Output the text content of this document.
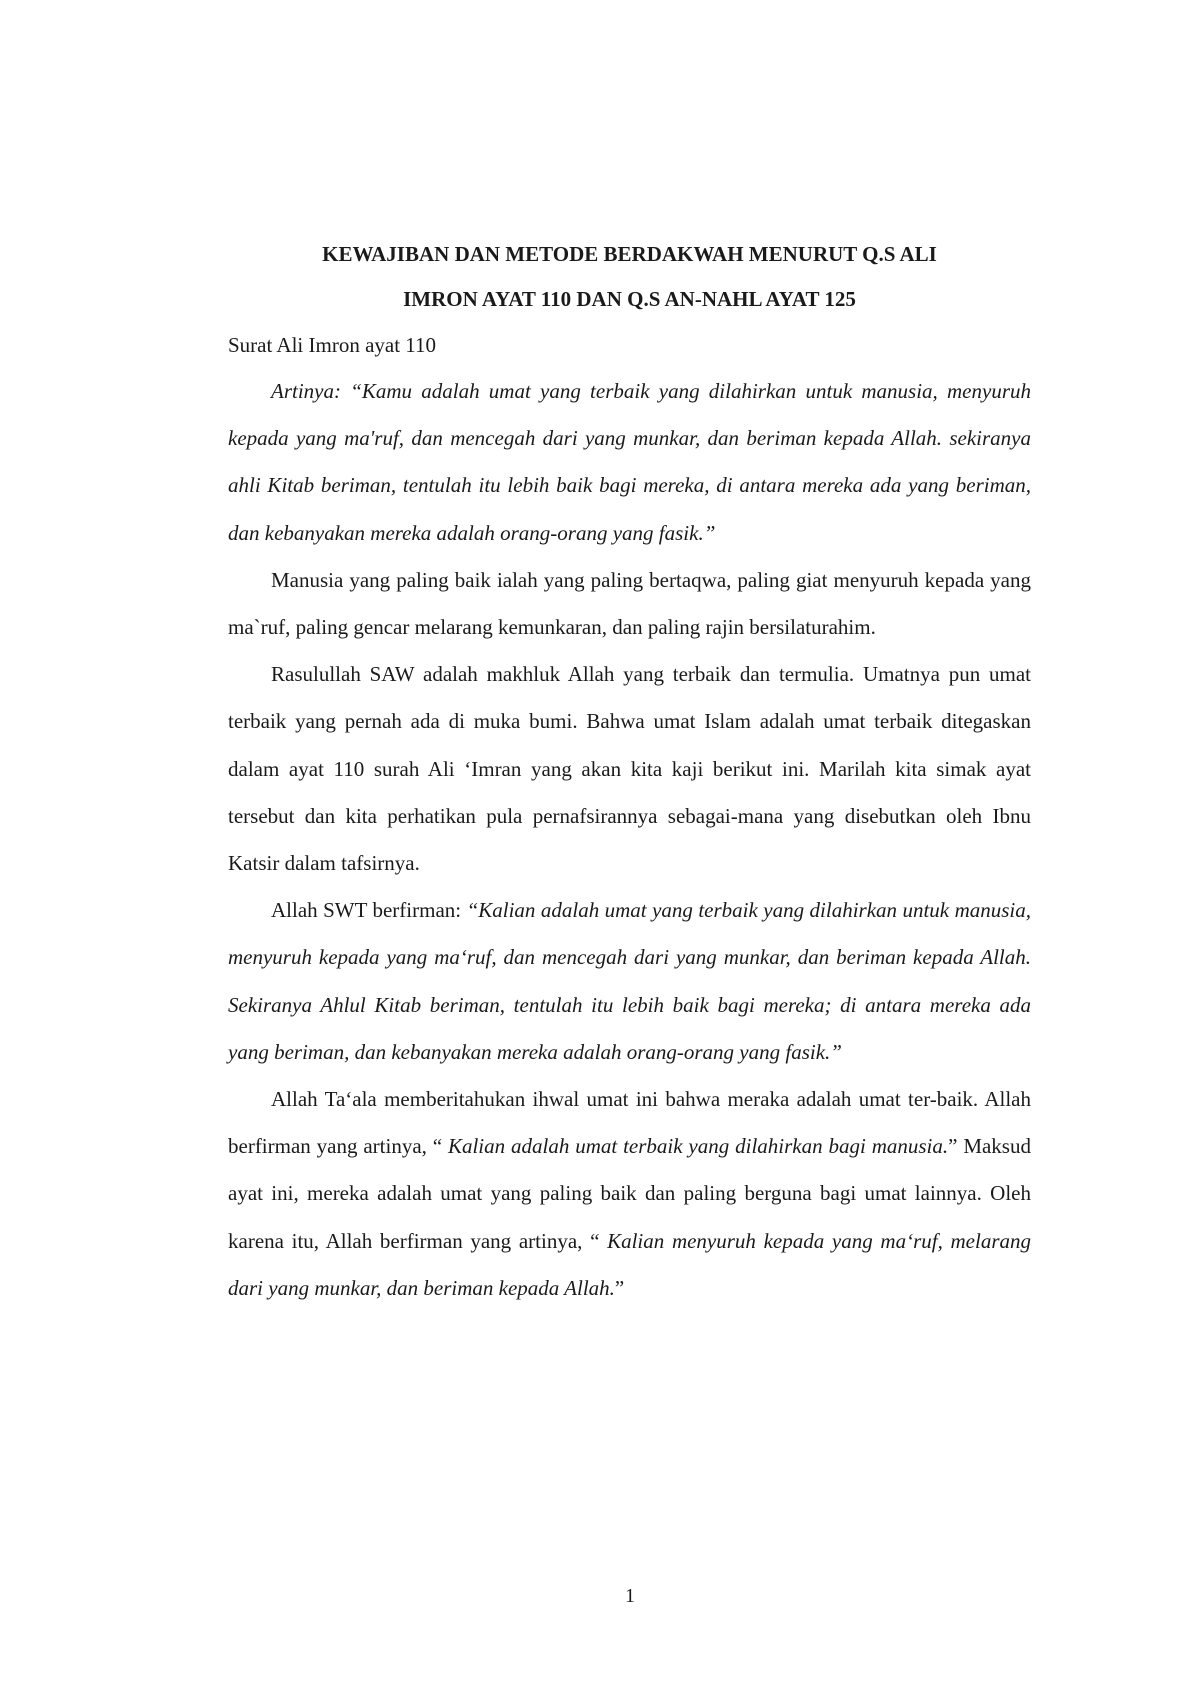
KEWAJIBAN DAN METODE BERDAKWAH MENURUT Q.S ALI

IMRON AYAT 110 DAN Q.S AN-NAHL AYAT 125

Surat Ali Imron ayat 110

Artinya: “Kamu adalah umat yang terbaik yang dilahirkan untuk manusia, menyuruh kepada yang ma'ruf, dan mencegah dari yang munkar, dan beriman kepada Allah. sekiranya ahli Kitab beriman, tentulah itu lebih baik bagi mereka, di antara mereka ada yang beriman, dan kebanyakan mereka adalah orang-orang yang fasik.”

Manusia yang paling baik ialah yang paling bertaqwa, paling giat menyuruh kepada yang ma`ruf, paling gencar melarang kemunkaran, dan paling rajin bersilaturahim.

Rasulullah SAW adalah makhluk Allah yang terbaik dan termulia. Umatnya pun umat terbaik yang pernah ada di muka bumi. Bahwa umat Islam adalah umat terbaik ditegaskan dalam ayat 110 surah Ali ‘Imran yang akan kita kaji berikut ini. Marilah kita simak ayat tersebut dan kita perhatikan pula pernafsirannya sebagai-mana yang disebutkan oleh Ibnu Katsir dalam tafsirnya.

Allah SWT berfirman: “Kalian adalah umat yang terbaik yang dilahirkan untuk manusia, menyuruh kepada yang ma‘ruf, dan mencegah dari yang munkar, dan beriman kepada Allah. Sekiranya Ahlul Kitab beriman, tentulah itu lebih baik bagi mereka; di antara mereka ada yang beriman, dan kebanyakan mereka adalah orang-orang yang fasik.”

Allah Ta‘ala memberitahukan ihwal umat ini bahwa meraka adalah umat ter-baik. Allah berfirman yang artinya, “ Kalian adalah umat terbaik yang dilahirkan bagi manusia.” Maksud ayat ini, mereka adalah umat yang paling baik dan paling berguna bagi umat lainnya. Oleh karena itu, Allah berfirman yang artinya, “ Kalian menyuruh kepada yang ma‘ruf, melarang dari yang munkar, dan beriman kepada Allah.”

1
